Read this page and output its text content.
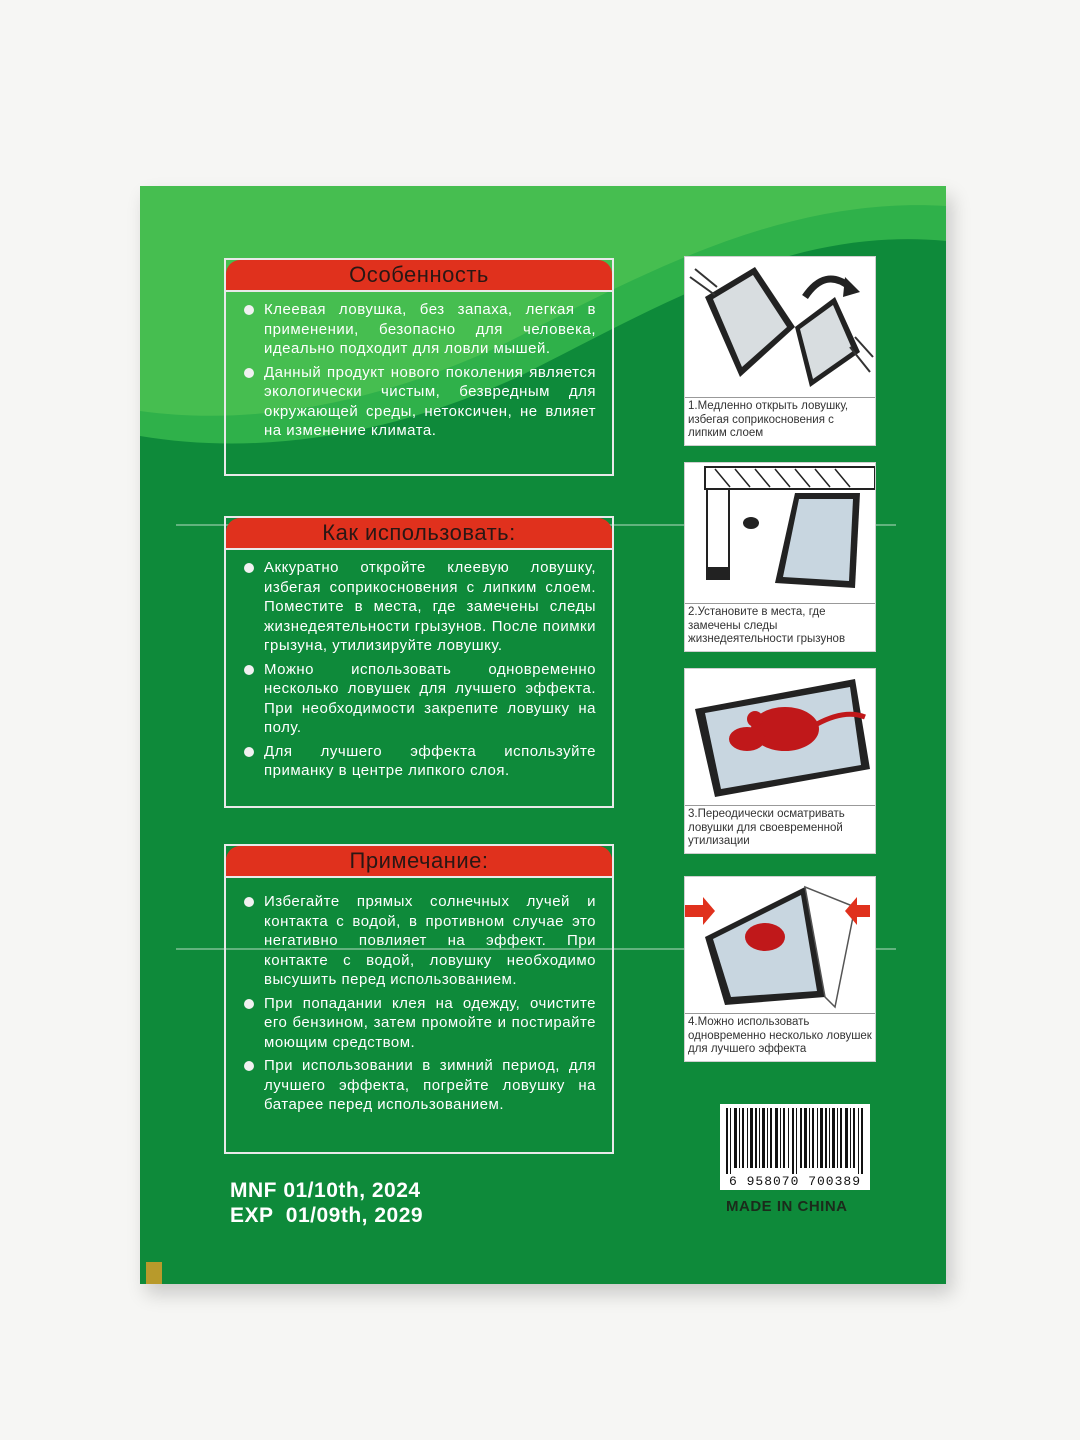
Особенность
Клеевая ловушка, без запаха, легкая в применении, безопасно для человека, идеально подходит для ловли мышей.
Данный продукт нового поколения является экологически чистым, безвредным для окружающей среды, нетоксичен, не влияет на изменение климата.
Как использовать:
Аккуратно откройте клеевую ловушку, избегая соприкосновения с липким слоем. Поместите в места, где замечены следы жизнедеятельности грызунов. После поимки грызуна, утилизируйте ловушку.
Можно использовать одновременно несколько ловушек для лучшего эффекта. При необходимости закрепите ловушку на полу.
Для лучшего эффекта используйте приманку в центре липкого слоя.
Примечание:
Избегайте прямых солнечных лучей и контакта с водой, в противном случае это негативно повлияет на эффект. При контакте с водой, ловушку необходимо высушить перед использованием.
При попадании клея на одежду, очистите его бензином, затем промойте и постирайте моющим средством.
При использовании в зимний период, для лучшего эффекта, погрейте ловушку на батарее перед использованием.
1.Медленно открыть ловушку, избегая соприкосновения с липким слоем
2.Установите в места, где замечены следы жизнедеятельности грызунов
3.Переодически осматривать ловушки для своевременной утилизации
4.Можно использовать одновременно несколько ловушек для лучшего эффекта
6 958070 700389
MADE IN CHINA
MNF 01/10th, 2024
EXP  01/09th, 2029
